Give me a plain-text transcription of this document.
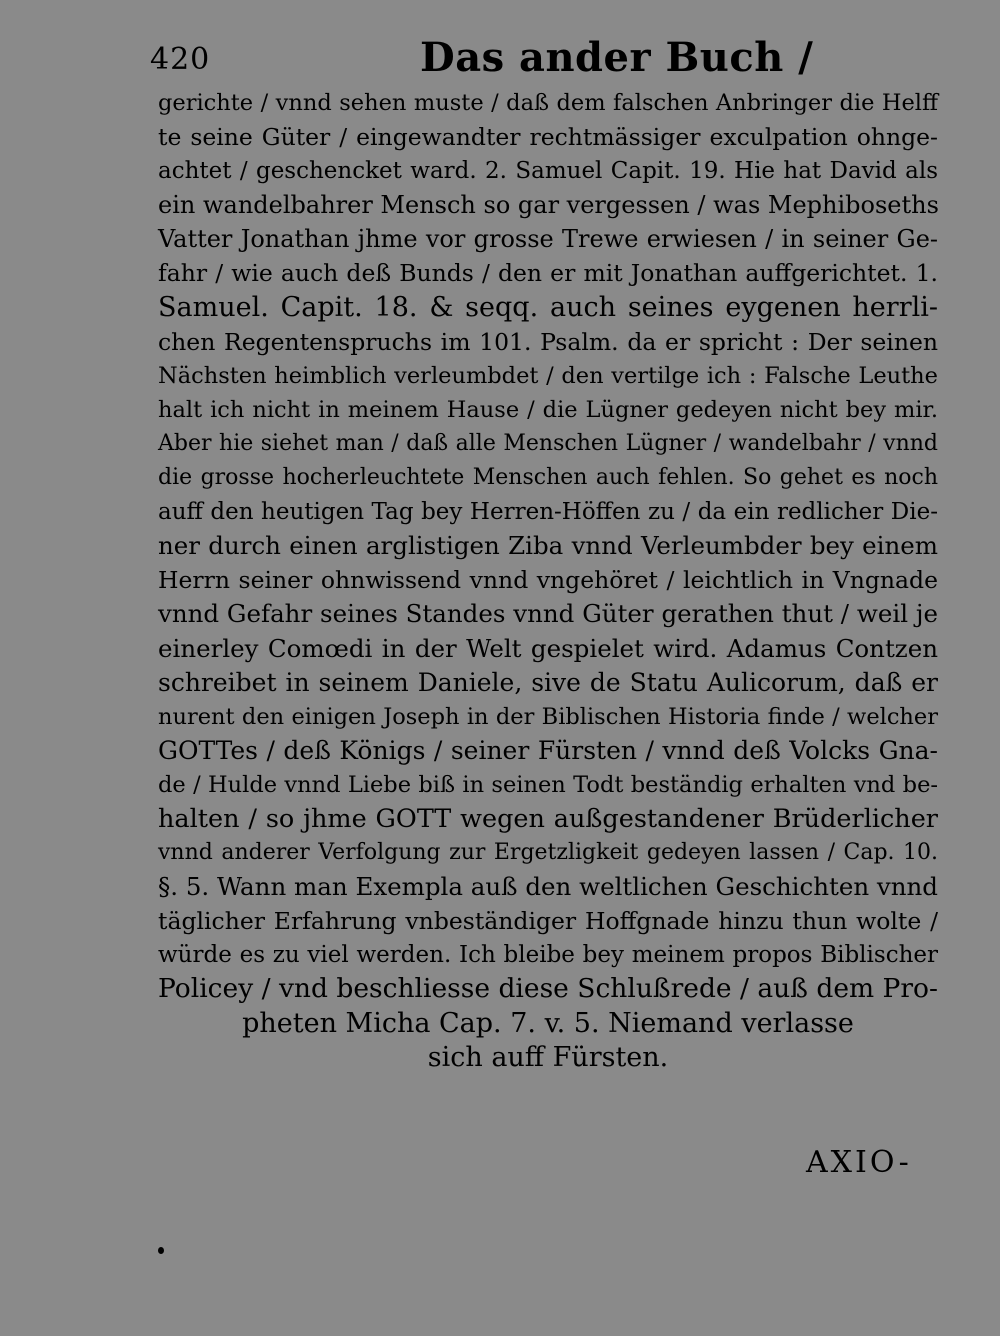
420	Das ander Buch /
gerichte / vnnd sehen muste / daß dem falschen Anbringer die Helff
te seine Güter / eingewandter rechtmässiger exculpation ohnge-
achtet / geschencket ward. 2. Samuel Capit. 19. Hie hat David als
ein wandelbahrer Mensch so gar vergessen / was Mephiboseths
Vatter Jonathan jhme vor grosse Trewe erwiesen / in seiner Ge-
fahr / wie auch deß Bunds / den er mit Jonathan auffgerichtet. 1.
Samuel. Capit. 18. & seqq. auch seines eygenen herrli-
chen Regentenspruchs im 101. Psalm. da er spricht : Der seinen
Nächsten heimblich verleumbdet / den vertilge ich : Falsche Leuthe
halt ich nicht in meinem Hause / die Lügner gedeyen nicht bey mir.
Aber hie siehet man / daß alle Menschen Lügner / wandelbahr / vnnd
die grosse hocherleuchtete Menschen auch fehlen. So gehet es noch
auff den heutigen Tag bey Herren-Höffen zu / da ein redlicher Die-
ner durch einen arglistigen Ziba vnnd Verleumbder bey einem
Herrn seiner ohnwissend vnnd vngehöret / leichtlich in Vngnade
vnnd Gefahr seines Standes vnnd Güter gerathen thut / weil je
einerley Comœdi in der Welt gespielet wird. Adamus Contzen
schreibet in seinem Daniele, sive de Statu Aulicorum, daß er
nurent den einigen Joseph in der Biblischen Historia finde / welcher
GOTTes / deß Königs / seiner Fürsten / vnnd deß Volcks Gna-
de / Hulde vnnd Liebe biß in seinen Todt beständig erhalten vnd be-
halten / so jhme GOTT wegen außgestandener Brüderlicher
vnnd anderer Verfolgung zur Ergetzligkeit gedeyen lassen / Cap. 10.
§. 5. Wann man Exempla auß den weltlichen Geschichten vnnd
täglicher Erfahrung vnbeständiger Hoffgnade hinzu thun wolte /
würde es zu viel werden. Ich bleibe bey meinem propos Biblischer
Policey / vnd beschliesse diese Schlußrede / auß dem Pro-
pheten Micha Cap. 7. v. 5. Niemand verlasse
sich auff Fürsten.
AXIO-
